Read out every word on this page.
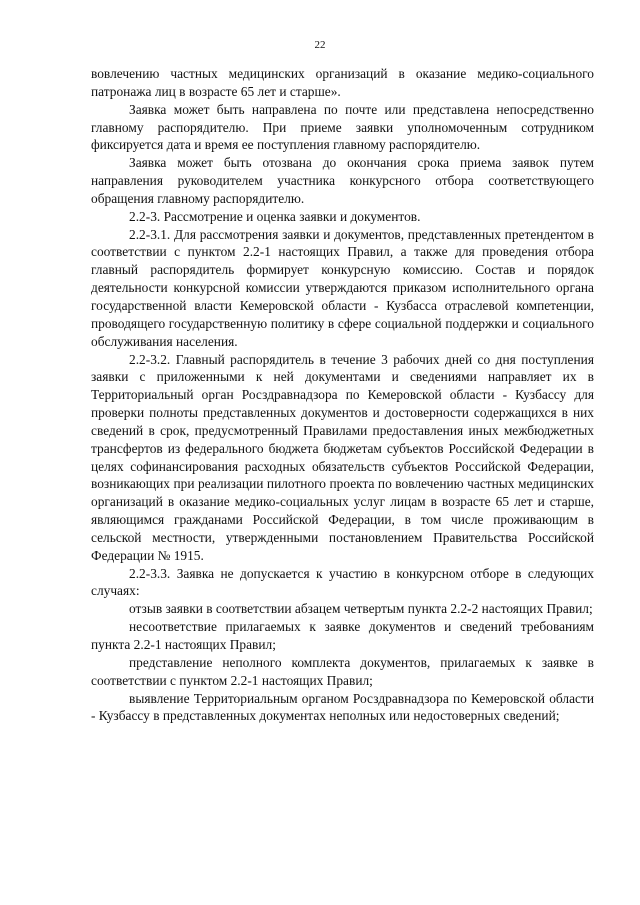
22

вовлечению частных медицинских организаций в оказание медико-социального патронажа лиц в возрасте 65 лет и старше».

Заявка может быть направлена по почте или представлена непосредственно главному распорядителю. При приеме заявки уполномоченным сотрудником фиксируется дата и время ее поступления главному распорядителю.

Заявка может быть отозвана до окончания срока приема заявок путем направления руководителем участника конкурсного отбора соответствующего обращения главному распорядителю.

2.2-3. Рассмотрение и оценка заявки и документов.

2.2-3.1. Для рассмотрения заявки и документов, представленных претендентом в соответствии с пунктом 2.2-1 настоящих Правил, а также для проведения отбора главный распорядитель формирует конкурсную комиссию. Состав и порядок деятельности конкурсной комиссии утверждаются приказом исполнительного органа государственной власти Кемеровской области - Кузбасса отраслевой компетенции, проводящего государственную политику в сфере социальной поддержки и социального обслуживания населения.

2.2-3.2. Главный распорядитель в течение 3 рабочих дней со дня поступления заявки с приложенными к ней документами и сведениями направляет их в Территориальный орган Росздравнадзора по Кемеровской области - Кузбассу для проверки полноты представленных документов и достоверности содержащихся в них сведений в срок, предусмотренный Правилами предоставления иных межбюджетных трансфертов из федерального бюджета бюджетам субъектов Российской Федерации в целях софинансирования расходных обязательств субъектов Российской Федерации, возникающих при реализации пилотного проекта по вовлечению частных медицинских организаций в оказание медико-социальных услуг лицам в возрасте 65 лет и старше, являющимся гражданами Российской Федерации, в том числе проживающим в сельской местности, утвержденными постановлением Правительства Российской Федерации № 1915.

2.2-3.3. Заявка не допускается к участию в конкурсном отборе в следующих случаях:

отзыв заявки в соответствии абзацем четвертым пункта 2.2-2 настоящих Правил;

несоответствие прилагаемых к заявке документов и сведений требованиям пункта 2.2-1 настоящих Правил;

представление неполного комплекта документов, прилагаемых к заявке в соответствии с пунктом 2.2-1 настоящих Правил;

выявление Территориальным органом Росздравнадзора по Кемеровской области - Кузбассу в представленных документах неполных или недостоверных сведений;
